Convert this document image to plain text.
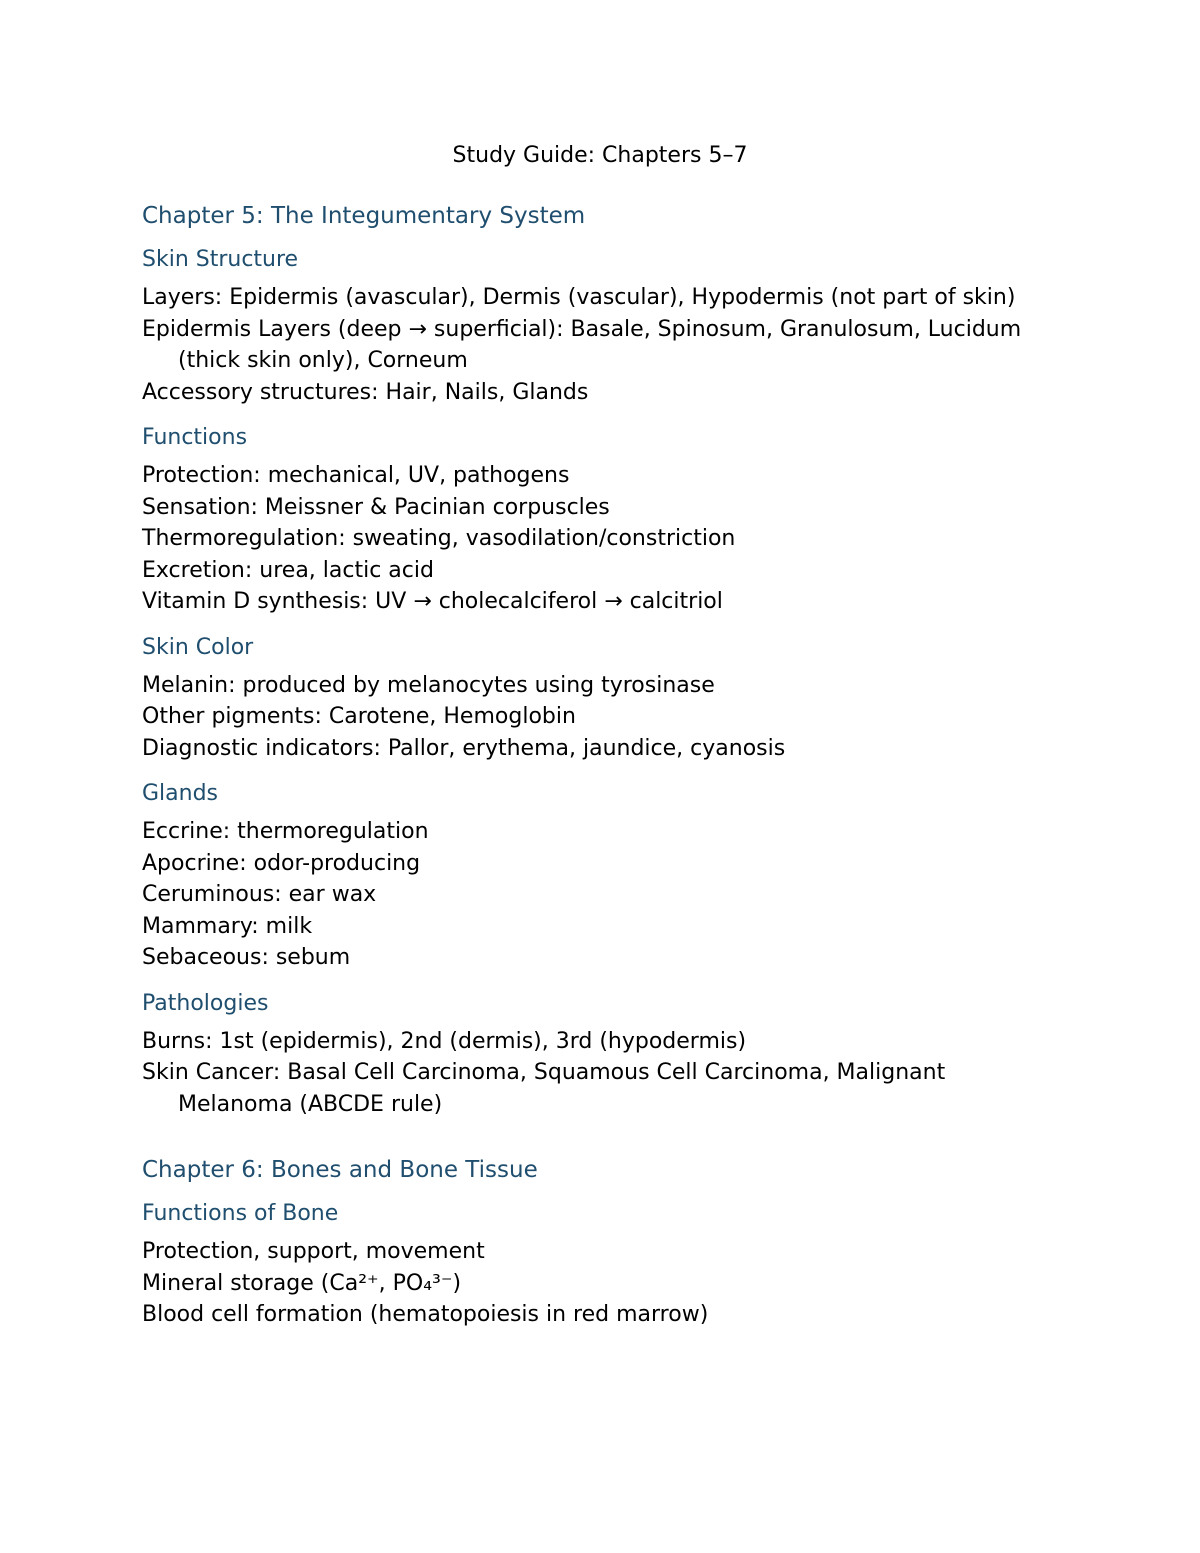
Study Guide: Chapters 5–7
Chapter 5: The Integumentary System
Skin Structure

Layers: Epidermis (avascular), Dermis (vascular), Hypodermis (not part of skin)

Epidermis Layers (deep → superficial): Basale, Spinosum, Granulosum, Lucidum (thick skin only), Corneum

Accessory structures: Hair, Nails, Glands

Functions

Protection: mechanical, UV, pathogens

Sensation: Meissner & Pacinian corpuscles

Thermoregulation: sweating, vasodilation/constriction

Excretion: urea, lactic acid

Vitamin D synthesis: UV → cholecalciferol → calcitriol

Skin Color

Melanin: produced by melanocytes using tyrosinase

Other pigments: Carotene, Hemoglobin

Diagnostic indicators: Pallor, erythema, jaundice, cyanosis

Glands

Eccrine: thermoregulation

Apocrine: odor-producing

Ceruminous: ear wax

Mammary: milk

Sebaceous: sebum

Pathologies

Burns: 1st (epidermis), 2nd (dermis), 3rd (hypodermis)

Skin Cancer: Basal Cell Carcinoma, Squamous Cell Carcinoma, Malignant Melanoma (ABCDE rule)

Chapter 6: Bones and Bone Tissue
Functions of Bone

Protection, support, movement

Mineral storage (Ca²⁺, PO₄³⁻)

Blood cell formation (hematopoiesis in red marrow)
